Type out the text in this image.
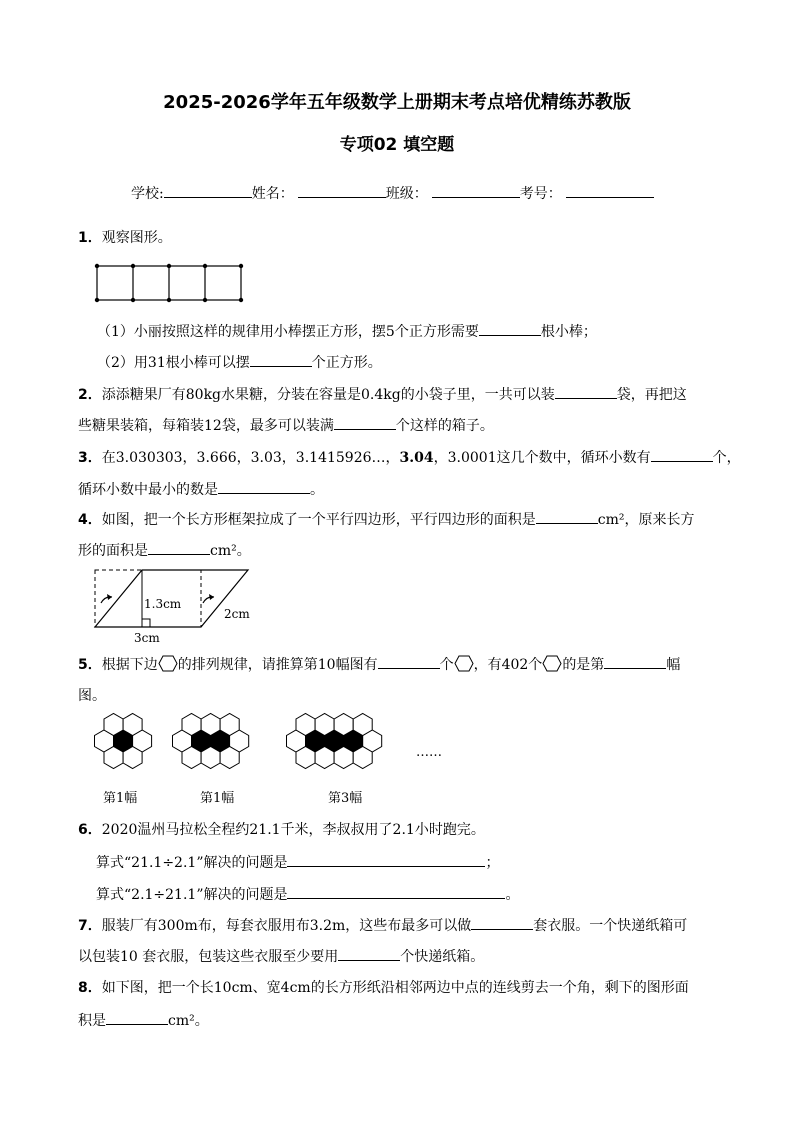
2025-2026学年五年级数学上册期末考点培优精练苏教版
专项02 填空题
学校:	姓名：	班级：	考号：
1．观察图形。
（1）小丽按照这样的规律用小棒摆正方形，摆5个正方形需要	根小棒；
（2）用31根小棒可以摆	个正方形。
2．添添糖果厂有80kg水果糖，分装在容量是0.4kg的小袋子里，一共可以装	袋，再把这
些糖果装箱，每箱装12袋，最多可以装满	个这样的箱子。
3．在3.030303，3.666，3.03，3.1415926…，3.04，3.0001这几个数中，循环小数有	个，
循环小数中最小的数是	。
4．如图，把一个长方形框架拉成了一个平行四边形，平行四边形的面积是	cm²，原来长方
形的面积是	cm²。
1.3cm
2cm
3cm
5．根据下边 的排列规律，请推算第10幅图有	个 ，有402个 的是第	幅
图。
第1幅	第1幅	第3幅
……
6．2020温州马拉松全程约21.1千米，李叔叔用了2.1小时跑完。
算式“21.1÷2.1”解决的问题是	；
算式“2.1÷21.1”解决的问题是	。
7．服装厂有300m布，每套衣服用布3.2m，这些布最多可以做	套衣服。一个快递纸箱可
以包装10 套衣服，包装这些衣服至少要用	个快递纸箱。
8．如下图，把一个长10cm、宽4cm的长方形纸沿相邻两边中点的连线剪去一个角，剩下的图形面
积是	cm²。
